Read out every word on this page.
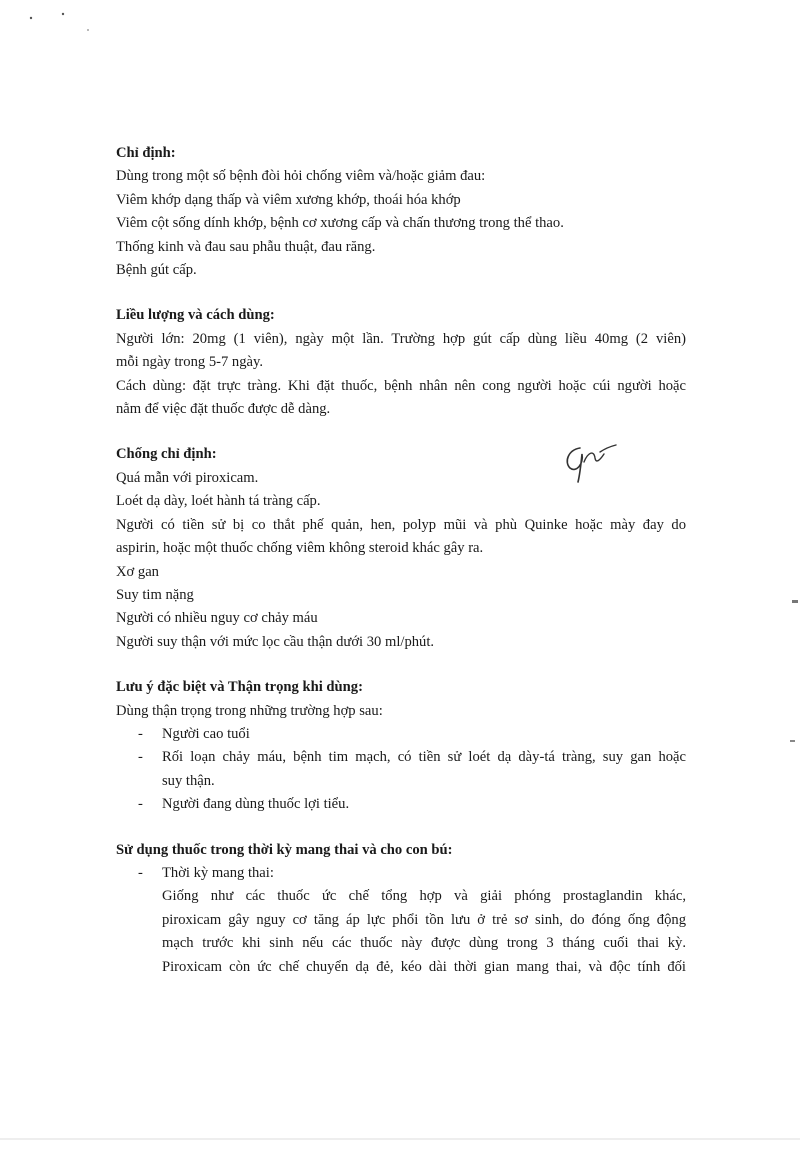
Chỉ định:
Dùng trong một số bệnh đòi hỏi chống viêm và/hoặc giảm đau:
Viêm khớp dạng thấp và viêm xương khớp, thoái hóa khớp
Viêm cột sống dính khớp, bệnh cơ xương cấp và chấn thương trong thể thao.
Thống kinh và đau sau phẫu thuật, đau răng.
Bệnh gút cấp.
Liều lượng và cách dùng:
Người lớn: 20mg (1 viên), ngày một lần. Trường hợp gút cấp dùng liều 40mg (2 viên)
mỗi ngày trong 5-7 ngày.
Cách dùng: đặt trực tràng. Khi đặt thuốc, bệnh nhân nên cong người hoặc cúi người hoặc
nằm để việc đặt thuốc được dễ dàng.
Chống chỉ định:
Quá mẫn với piroxicam.
Loét dạ dày, loét hành tá tràng cấp.
Người có tiền sử bị co thắt phế quản, hen, polyp mũi và phù Quinke hoặc mày đay do
aspirin, hoặc một thuốc chống viêm không steroid khác gây ra.
Xơ gan
Suy tim nặng
Người có nhiều nguy cơ chảy máu
Người suy thận với mức lọc cầu thận dưới 30 ml/phút.
Lưu ý đặc biệt và Thận trọng khi dùng:
Dùng thận trọng trong những trường hợp sau:
-	Người cao tuổi
-	Rối loạn chảy máu, bệnh tim mạch, có tiền sử loét dạ dày-tá tràng, suy gan hoặc
suy thận.
-	Người đang dùng thuốc lợi tiểu.
Sử dụng thuốc trong thời kỳ mang thai và cho con bú:
-	Thời kỳ mang thai:
Giống như các thuốc ức chế tổng hợp và giải phóng prostaglandin khác,
piroxicam gây nguy cơ tăng áp lực phổi tồn lưu ở trẻ sơ sinh, do đóng ống động
mạch trước khi sinh nếu các thuốc này được dùng trong 3 tháng cuối thai kỳ.
Piroxicam còn ức chế chuyển dạ đẻ, kéo dài thời gian mang thai, và độc tính đối
